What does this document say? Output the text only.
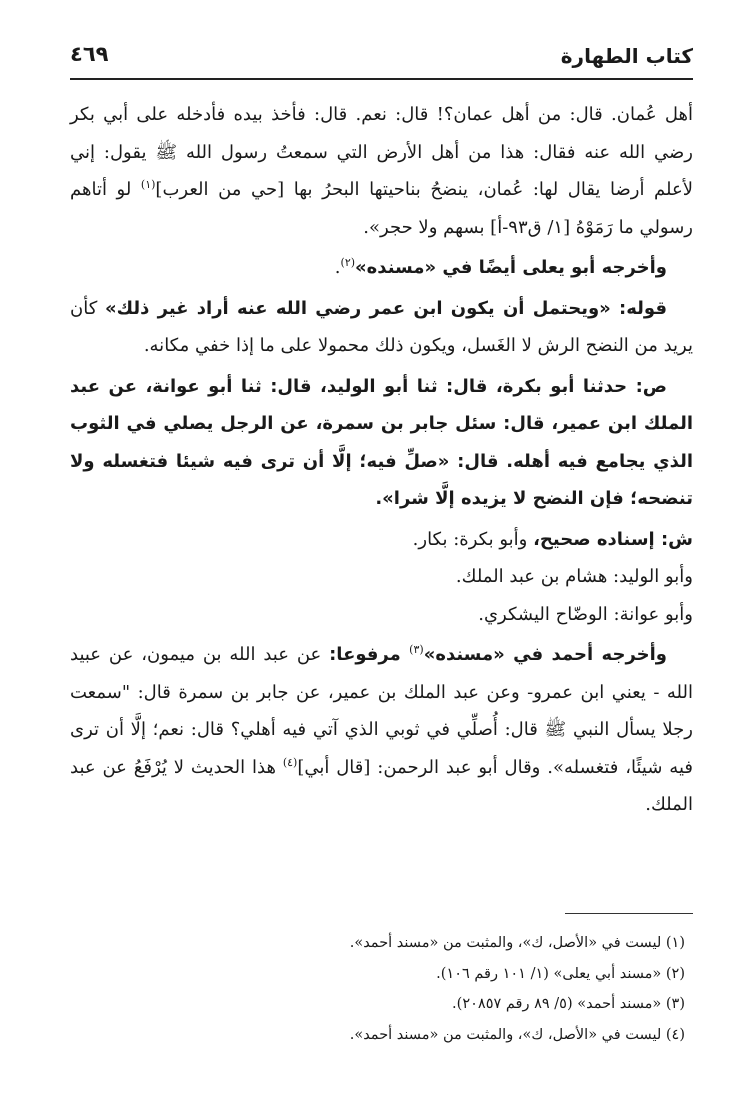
كتاب الطهارة
٤٦٩

أهل عُمان. قال: من أهل عمان؟! قال: نعم. قال: فأخذ بيده فأدخله على أبي بكر رضي الله عنه فقال: هذا من أهل الأرض التي سمعتُ رسول الله ﷺ يقول: إني لأعلم أرضا يقال لها: عُمان، ينضحُ بناحيتها البحرُ بها [حي من العرب]$^{(١)}$ لو أتاهم رسولي ما رَمَوْهُ [١/ ق٩٣-أ] بسهم ولا حجر».

وأخرجه أبو يعلى أيضًا في «مسنده»$^{(٢)}$.

قوله: «ويحتمل أن يكون ابن عمر رضي الله عنه أراد غير ذلك» كأن يريد من النضح الرش لا الغَسل، ويكون ذلك محمولا على ما إذا خفي مكانه.

ص: حدثنا أبو بكرة، قال: ثنا أبو الوليد، قال: ثنا أبو عوانة، عن عبد الملك ابن عمير، قال: سئل جابر بن سمرة، عن الرجل يصلي في الثوب الذي يجامع فيه أهله. قال: «صلِّ فيه؛ إلَّا أن ترى فيه شيئا فتغسله ولا تنضحه؛ فإن النضح لا يزيده إلَّا شرا».

ش: إسناده صحيح، وأبو بكرة: بكار.

وأبو الوليد: هشام بن عبد الملك.

وأبو عوانة: الوضّاح اليشكري.

وأخرجه أحمد في «مسنده»$^{(٣)}$ مرفوعا: عن عبد الله بن ميمون، عن عبيد الله - يعني ابن عمرو- وعن عبد الملك بن عمير، عن جابر بن سمرة قال: "سمعت رجلا يسأل النبي ﷺ قال: أُصلِّي في ثوبي الذي آتي فيه أهلي؟ قال: نعم؛ إلَّا أن ترى فيه شيئًا، فتغسله». وقال أبو عبد الرحمن: [قال أبي]$^{(٤)}$ هذا الحديث لا يُرْفَعُ عن عبد الملك.

(١) ليست في «الأصل، ك»، والمثبت من «مسند أحمد».

(٢) «مسند أبي يعلى» (١/ ١٠١ رقم ١٠٦).

(٣) «مسند أحمد» (٥/ ٨٩ رقم ٢٠٨٥٧).

(٤) ليست في «الأصل، ك»، والمثبت من «مسند أحمد».
